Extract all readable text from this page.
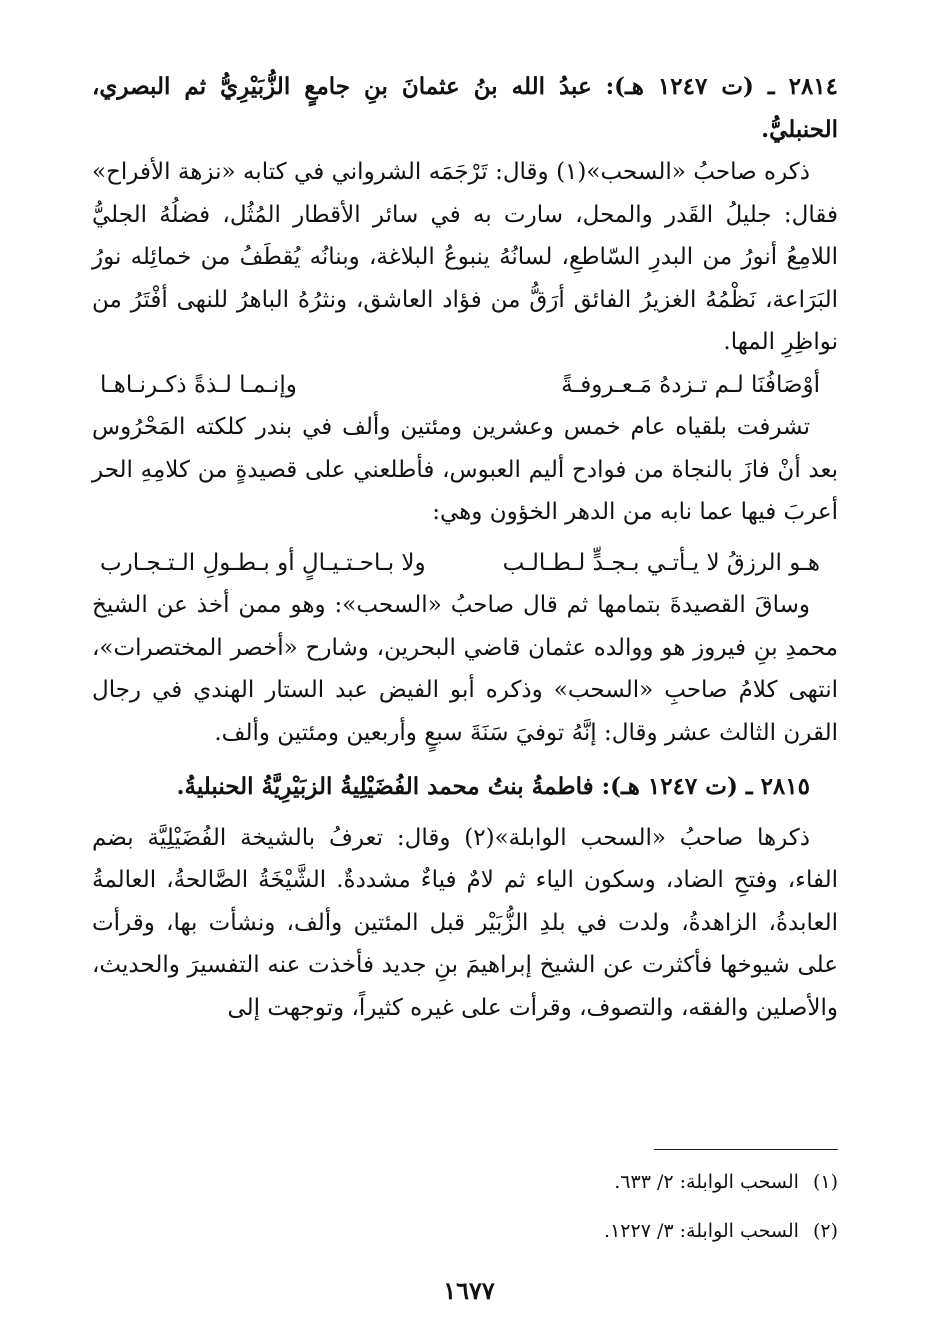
٢٨١٤ ـ (ت ١٢٤٧ هـ): عبدُ الله بنُ عثمانَ بنِ جامعٍ الزُّبَيْرِيُّ ثم البصري، الحنبليُّ.

ذكره صاحبُ «السحب»(١) وقال: تَرْجَمَه الشرواني في كتابه «نزهة الأفراح» فقال: جليلُ القَدر والمحل، سارت به في سائر الأقطار المُثُل، فضلُهُ الجليُّ اللامِعُ أنورُ من البدرِ السّاطعِ، لسانُهُ ينبوعُ البلاغة، وبنانُه يُقطَفُ من خمائِله نورُ البَرَاعة، نَظْمُهُ الغزيرُ الفائق أرَقُّ من فؤاد العاشق، ونثرُهُ الباهرُ للنهى أفْتَرُ من نواظِرِ المها.

أوْصَافُنَا لـم تـزدهُ مَـعـروفـةً
وإنـمـا لـذةً ذكـرنـاهـا

تشرفت بلقياه عام خمس وعشرين ومئتين وألف في بندر كلكته المَحْرُوس بعد أنْ فازَ بالنجاة من فوادح أليم العبوس، فأطلعني على قصيدةٍ من كلامِهِ الحر أعربَ فيها عما نابه من الدهر الخؤون وهي:

هـو الرزقُ لا يـأتـي بـجـدٍّ لـطـالـب
ولا بـاحـتـيـالٍ أو بـطـولِ الـتـجـارب

وساقَ القصيدةَ بتمامها ثم قال صاحبُ «السحب»: وهو ممن أخذ عن الشيخ محمدِ بنِ فيروز هو ووالده عثمان قاضي البحرين، وشارح «أخصر المختصرات»، انتهى كلامُ صاحبِ «السحب» وذكره أبو الفيض عبد الستار الهندي في رجال القرن الثالث عشر وقال: إنَّهُ توفيَ سَنَةَ سبعٍ وأربعين ومئتين وألف.

٢٨١٥ ـ (ت ١٢٤٧ هـ): فاطمةُ بنتُ محمد الفُضَيْلِيةُ الزبَيْرِيَّةُ الحنبليةُ.

ذكرها صاحبُ «السحب الوابلة»(٢) وقال: تعرفُ بالشيخة الفُضَيْلِيَّة بضم الفاء، وفتحِ الضاد، وسكون الياء ثم لامٌ فياءٌ مشددةٌ. الشَّيْخَةُ الصَّالحةُ، العالمةُ العابدةُ، الزاهدةُ، ولدت في بلدِ الزُّبَيْر قبل المئتين وألف، ونشأت بها، وقرأت على شيوخها فأكثرت عن الشيخ إبراهيمَ بنِ جديد فأخذت عنه التفسيرَ والحديث، والأصلين والفقه، والتصوف، وقرأت على غيره كثيراً، وتوجهت إلى

(١)السحب الوابلة: ٢/ ٦٣٣.
(٢)السحب الوابلة: ٣/ ١٢٢٧.
١٦٧٧
